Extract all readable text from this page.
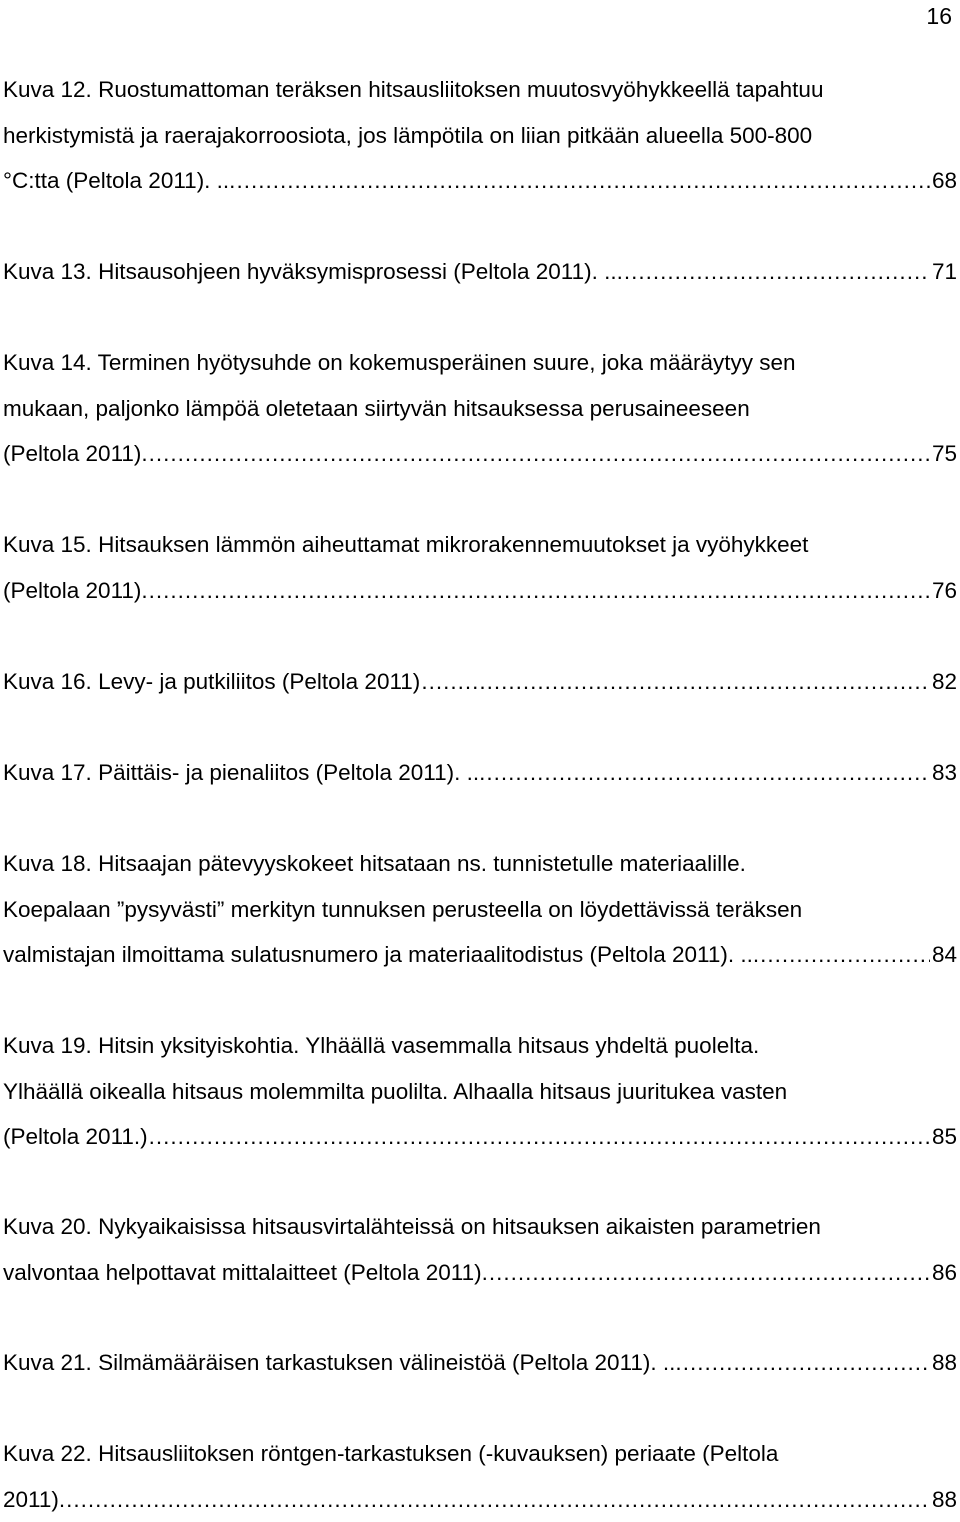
16
Kuva 12. Ruostumattoman teräksen hitsausliitoksen muutosvyöhykkeellä tapahtuu
herkistymistä ja raerajakorroosiota, jos lämpötila on liian pitkään alueella 500-800
°C:tta (Peltola 2011). ... .....	68
Kuva 13. Hitsausohjeen hyväksymisprosessi (Peltola 2011). ... .....	71
Kuva 14. Terminen hyötysuhde on kokemusperäinen suure, joka määräytyy sen
mukaan, paljonko lämpöä oletetaan siirtyvän hitsauksessa perusaineeseen
(Peltola 2011). .....	75
Kuva 15. Hitsauksen lämmön aiheuttamat mikrorakennemuutokset ja vyöhykkeet
(Peltola 2011). .....	76
Kuva 16. Levy- ja putkiliitos (Peltola 2011) .....	82
Kuva 17. Päittäis- ja pienaliitos (Peltola 2011). ... .....	83
Kuva 18. Hitsaajan pätevyyskokeet hitsataan ns. tunnistetulle materiaalille.
Koepalaan ”pysyvästi” merkityn tunnuksen perusteella on löydettävissä teräksen
valmistajan ilmoittama sulatusnumero ja materiaalitodistus (Peltola 2011). ... .....	84
Kuva 19. Hitsin yksityiskohtia. Ylhäällä vasemmalla hitsaus yhdeltä puolelta.
Ylhäällä oikealla hitsaus molemmilta puolilta. Alhaalla hitsaus juuritukea vasten
(Peltola 2011.) .....	85
Kuva 20. Nykyaikaisissa hitsausvirtalähteissä on hitsauksen aikaisten parametrien
valvontaa helpottavat mittalaitteet (Peltola 2011). .....	86
Kuva 21. Silmämääräisen tarkastuksen välineistöä (Peltola 2011). ... .....	88
Kuva 22. Hitsausliitoksen röntgen-tarkastuksen (-kuvauksen) periaate (Peltola
2011). .....	88
